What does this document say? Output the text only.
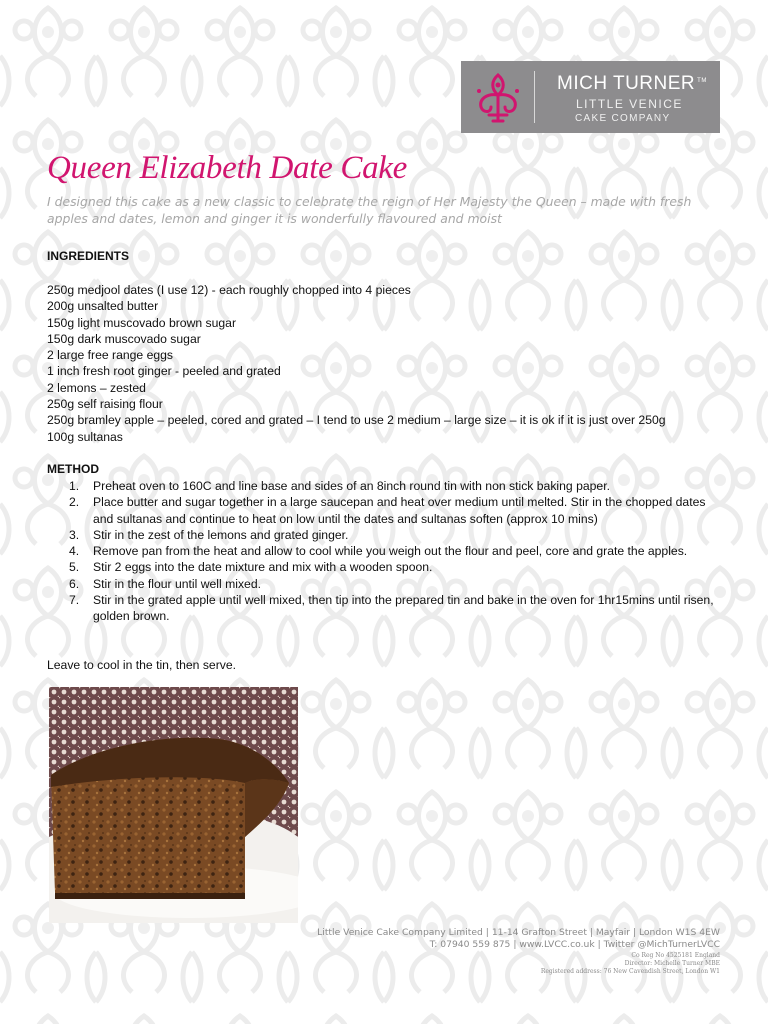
MICH TURNER ™
LITTLE VENICE
CAKE COMPANY
Queen Elizabeth Date Cake

I designed this cake as a new classic to celebrate the reign of Her Majesty the Queen – made with fresh apples and dates, lemon and ginger it is wonderfully flavoured and moist

INGREDIENTS

250g medjool dates (I use 12) - each roughly chopped into 4 pieces
200g unsalted butter
150g light muscovado brown sugar
150g dark muscovado sugar
2 large free range eggs
1 inch fresh root ginger - peeled and grated
2 lemons – zested
250g self raising flour
250g bramley apple – peeled, cored and grated – I tend to use 2 medium – large size – it is ok if it is just over 250g
100g sultanas

METHOD

1. Preheat oven to 160C and line base and sides of an 8inch round tin with non stick baking paper.
2. Place butter and sugar together in a large saucepan and heat over medium until melted. Stir in the chopped dates and sultanas and continue to heat on low until the dates and sultanas soften (approx 10 mins)
3. Stir in the zest of the lemons and grated ginger.
4. Remove pan from the heat and allow to cool while you weigh out the flour and peel, core and grate the apples.
5. Stir 2 eggs into the date mixture and mix with a wooden spoon.
6. Stir in the flour until well mixed.
7. Stir in the grated apple until well mixed, then tip into the prepared tin and bake in the oven for 1hr15mins until risen, golden brown.

Leave to cool in the tin, then serve.

Little Venice Cake Company Limited | 11-14 Grafton Street | Mayfair | London W1S 4EW

T: 07940 559 875 | www.LVCC.co.uk | Twitter @MichTurnerLVCC

Co Reg No 4525181 England

Director: Michelle Turner MBE

Registered address: 76 New Cavendish Street, London W1
